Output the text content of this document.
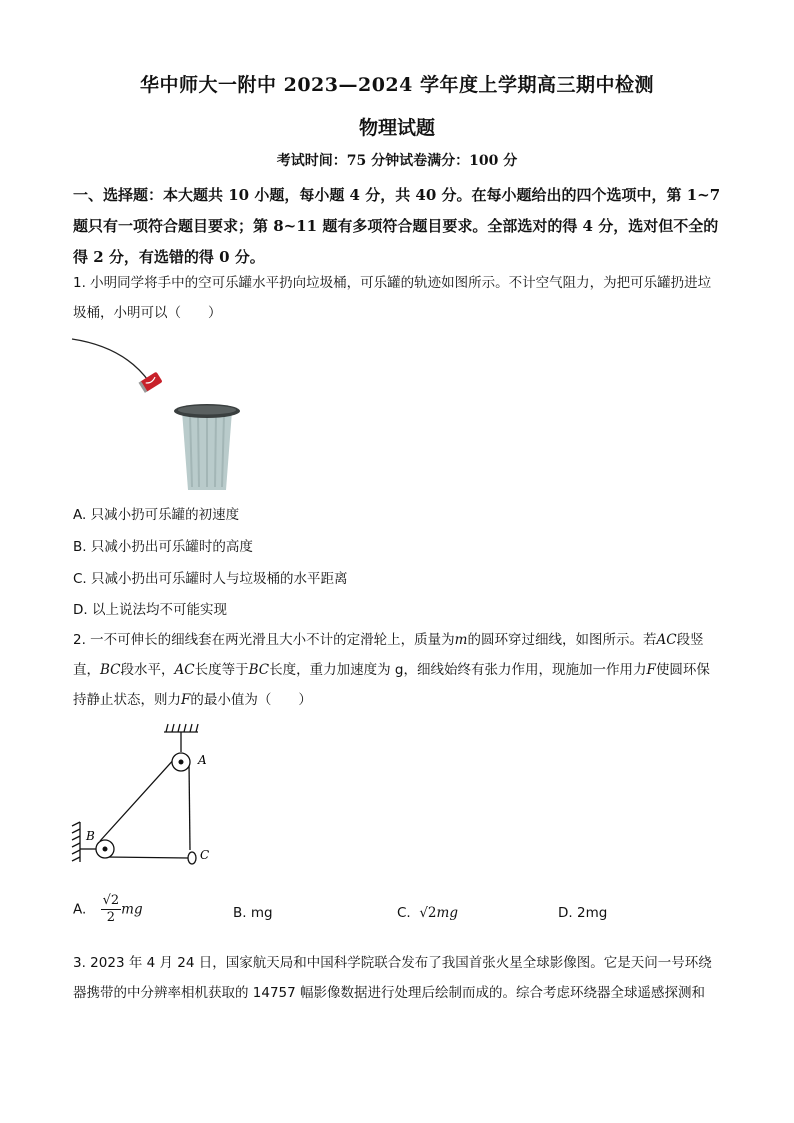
华中师大一附中 2023—2024 学年度上学期高三期中检测
物理试题
考试时间：75 分钟试卷满分：100 分
一、选择题：本大题共 10 小题，每小题 4 分，共 40 分。在每小题给出的四个选项中，第 1~7 题只有一项符合题目要求；第 8~11 题有多项符合题目要求。全部选对的得 4 分，选对但不全的得 2 分，有选错的得 0 分。
1. 小明同学将手中的空可乐罐水平扔向垃圾桶，可乐罐的轨迹如图所示。不计空气阻力，为把可乐罐扔进垃圾桶，小明可以（　　）
A. 只减小扔可乐罐的初速度
B. 只减小扔出可乐罐时的高度
C. 只减小扔出可乐罐时人与垃圾桶的水平距离
D. 以上说法均不可能实现
2. 一不可伸长的细线套在两光滑且大小不计的定滑轮上，质量为m的圆环穿过细线，如图所示。若AC段竖直，BC段水平，AC长度等于BC长度，重力加速度为 g，细线始终有张力作用，现施加一作用力F使圆环保持静止状态，则力F的最小值为（　　）
A
B
C
A. $\frac{√2}{2}$ mg	B. mg	C. √2mg	D. 2mg
3. 2023 年 4 月 24 日，国家航天局和中国科学院联合发布了我国首张火星全球影像图。它是天问一号环绕器携带的中分辨率相机获取的 14757 幅影像数据进行处理后绘制而成的。综合考虑环绕器全球遥感探测和
